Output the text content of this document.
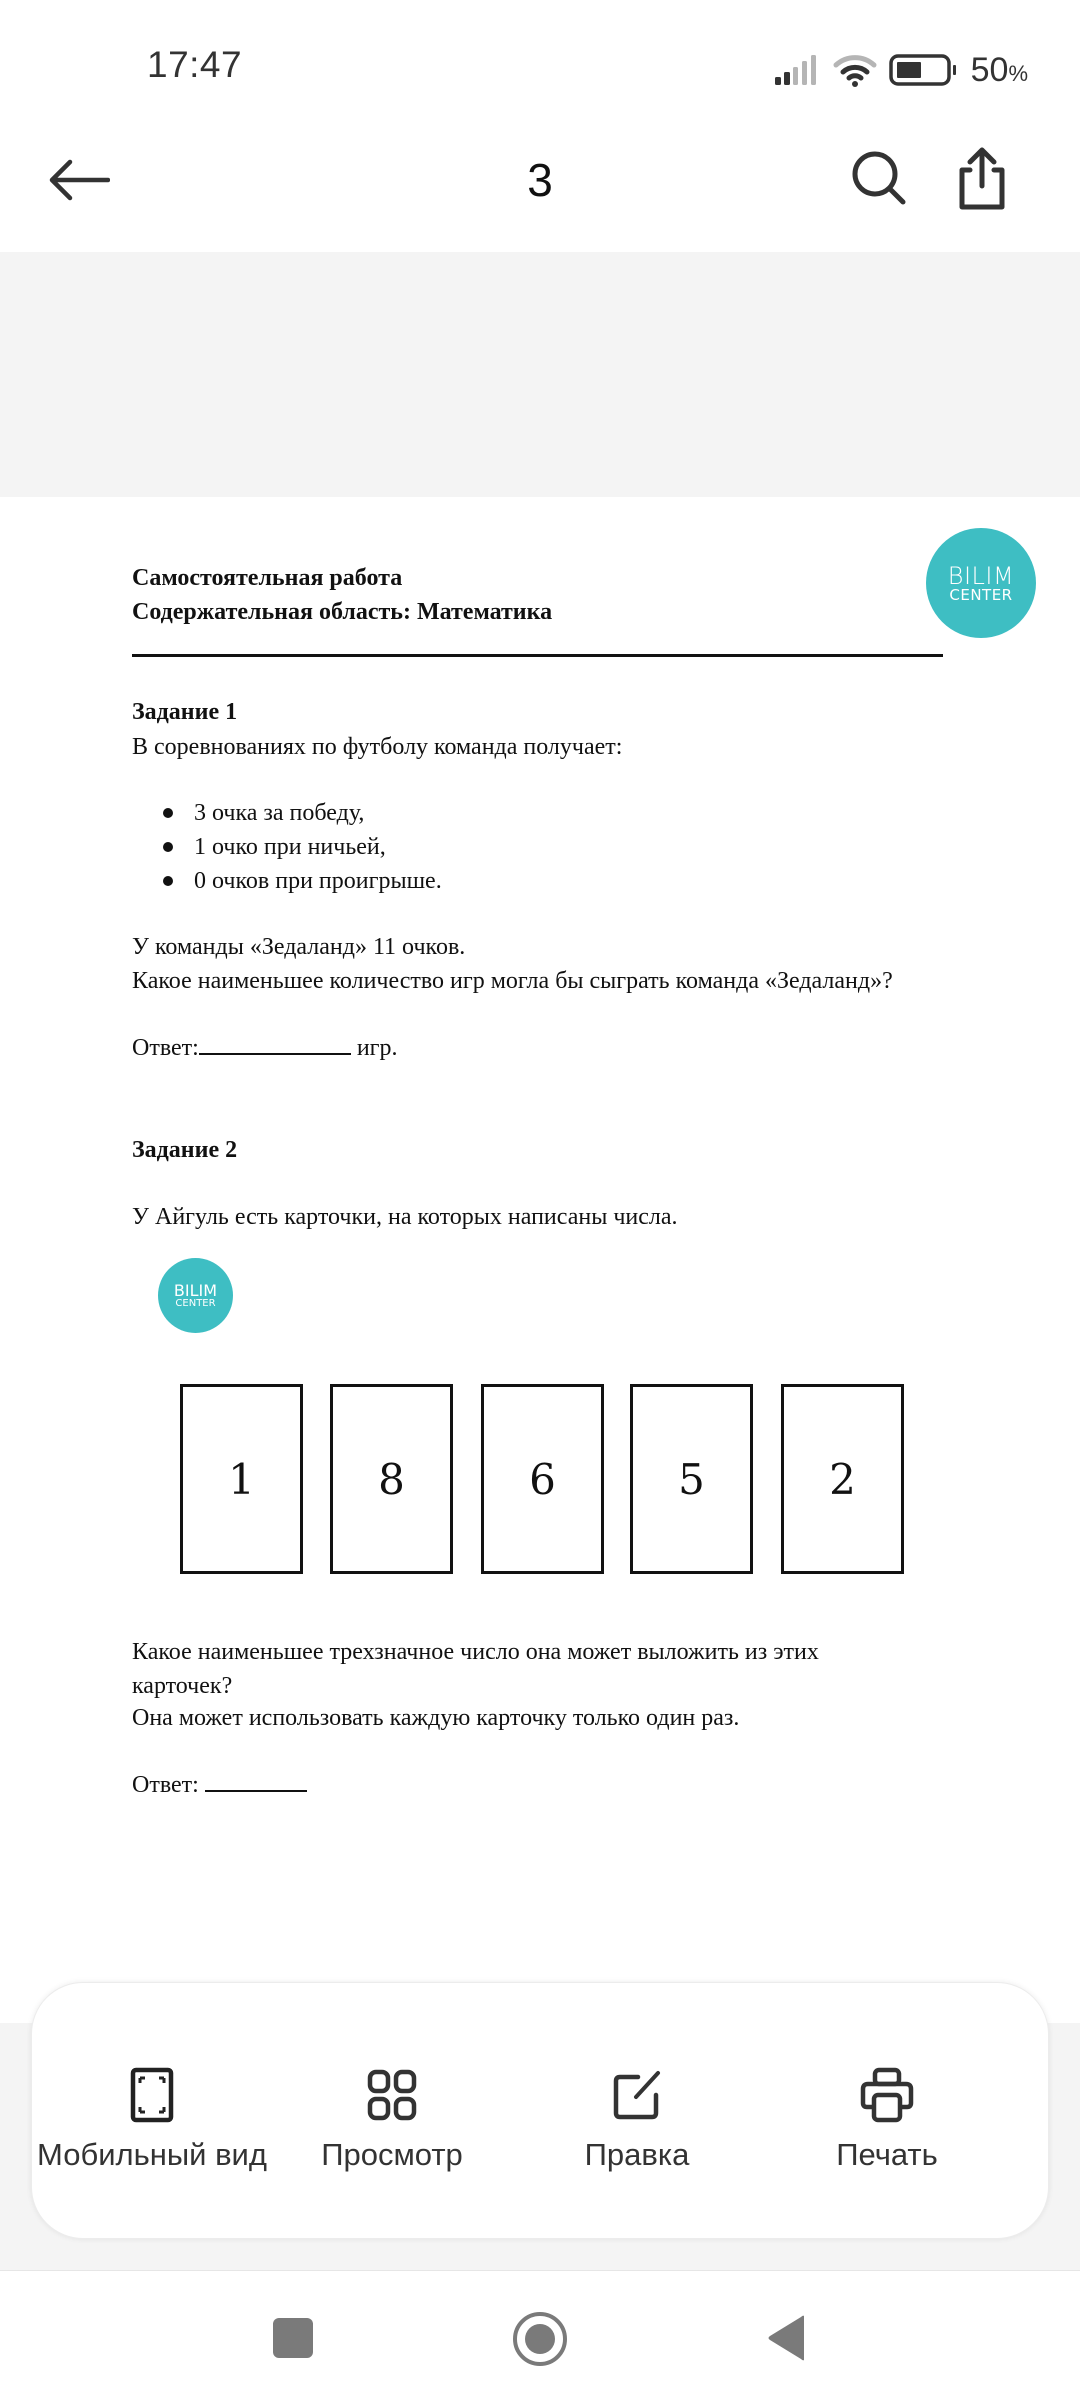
17:47	50%
3
BILIM
CENTER
Самостоятельная работа
Содержательная область: Математика
Задание 1
В соревнованиях по футболу команда получает:
3 очка за победу,
1 очко при ничьей,
0 очков при проигрыше.
У команды «Зедаланд» 11 очков.
Какое наименьшее количество игр могла бы сыграть команда «Зедаланд»?
Ответ:	игр.
Задание 2
У Айгуль есть карточки, на которых написаны числа.
BILIM
CENTER
1	8	6	5	2
Какое наименьшее трехзначное число она может выложить из этих
карточек?
Она может использовать каждую карточку только один раз.
Ответ:
Мобильный вид Просмотр	Правка	Печать
